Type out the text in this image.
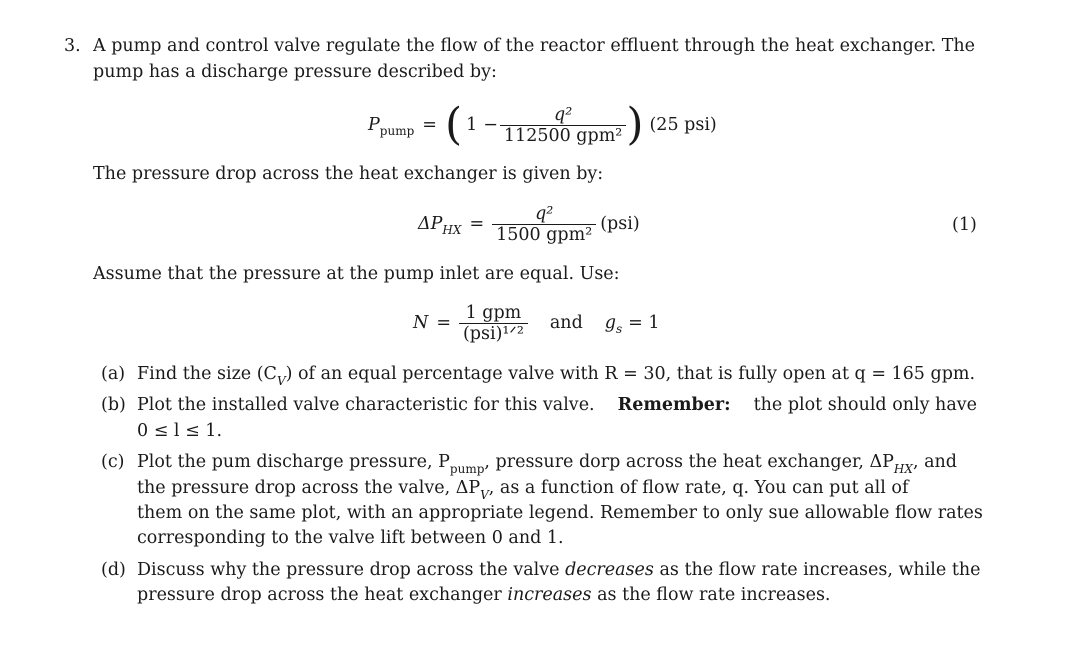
3. A pump and control valve regulate the flow of the reactor effluent through the heat exchanger. The
pump has a discharge pressure described by:
P pump = ( $1 - \frac{\text{q²}}{\text{112500 gpm²}}$ ) (25 psi)
The pressure drop across the heat exchanger is given by:
ΔP HX = $\frac{\text{q²}}{\text{1500 gpm²}} (psi)$	(1)
Assume that the pressure at the pump inlet are equal. Use:
$N = \frac{\text{1 gpm}}{\text{(psi)¹ᐟ²}}$ and g s = 1
(a) Find the size $(C_V)$ of an equal percentage valve with R = 30, that is fully open at q = 165 gpm.
(b) Plot the installed valve characteristic for this valve. Remember: the plot should only have
0 ≤ l ≤ 1.
(c) Plot the pum discharge pressure, $P_{pump}$, pressure dorp across the heat exchanger, $\Delta P_{HX}$, and
the pressure drop across the valve, $\Delta P_V$, as a function of flow rate, q. You can put all of
them on the same plot, with an appropriate legend. Remember to only sue allowable flow rates
corresponding to the valve lift between 0 and 1.
(d) Discuss why the pressure drop across the valve decreases as the flow rate increases, while the
pressure drop across the heat exchanger increases as the flow rate increases.
